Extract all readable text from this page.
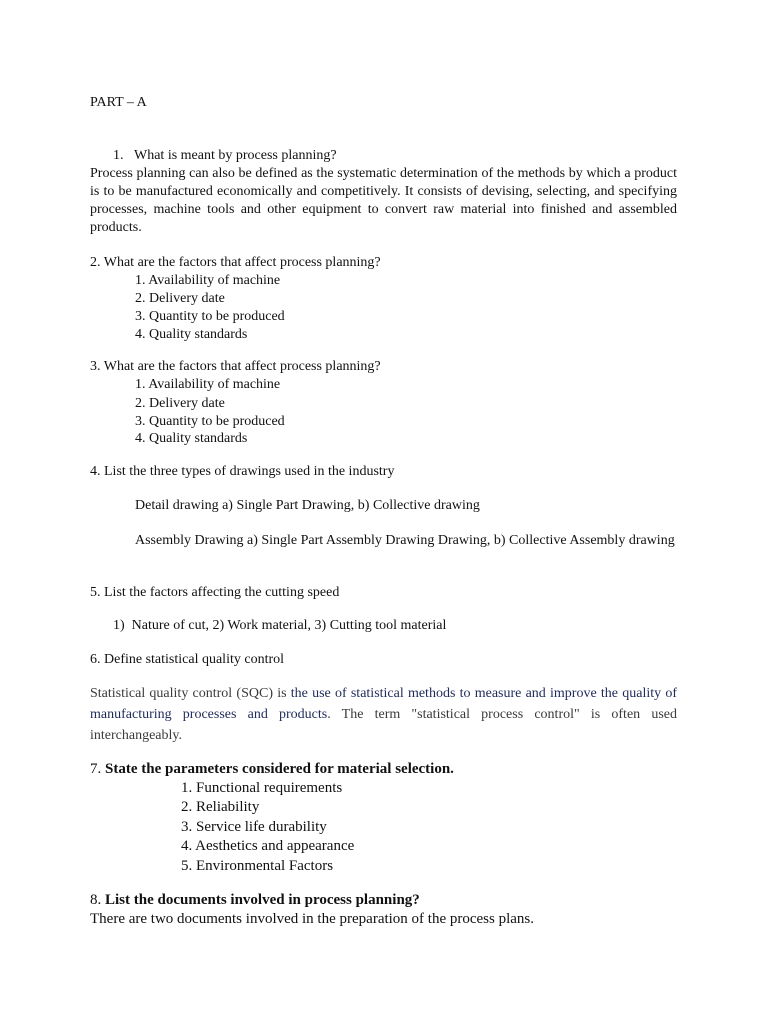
PART – A
1.   What is meant by process planning?
Process planning can also be defined as the systematic determination of the methods by which a product is to be manufactured economically and competitively. It consists of devising, selecting, and specifying processes, machine tools and other equipment to convert raw material into finished and assembled products.
2. What are the factors that affect process planning?
1. Availability of machine
2. Delivery date
3. Quantity to be produced
4. Quality standards
3. What are the factors that affect process planning?
1. Availability of machine
2. Delivery date
3. Quantity to be produced
4. Quality standards
4. List the three types of drawings used in the industry
Detail drawing a) Single Part Drawing, b) Collective drawing
Assembly Drawing a) Single Part Assembly Drawing Drawing, b) Collective Assembly drawing
5. List the factors affecting the cutting speed
1)  Nature of cut, 2) Work material, 3) Cutting tool material
6. Define statistical quality control
Statistical quality control (SQC) is the use of statistical methods to measure and improve the quality of manufacturing processes and products. The term "statistical process control" is often used interchangeably.
7. State the parameters considered for material selection.
1. Functional requirements
2. Reliability
3. Service life durability
4. Aesthetics and appearance
5. Environmental Factors
8. List the documents involved in process planning?
There are two documents involved in the preparation of the process plans.
